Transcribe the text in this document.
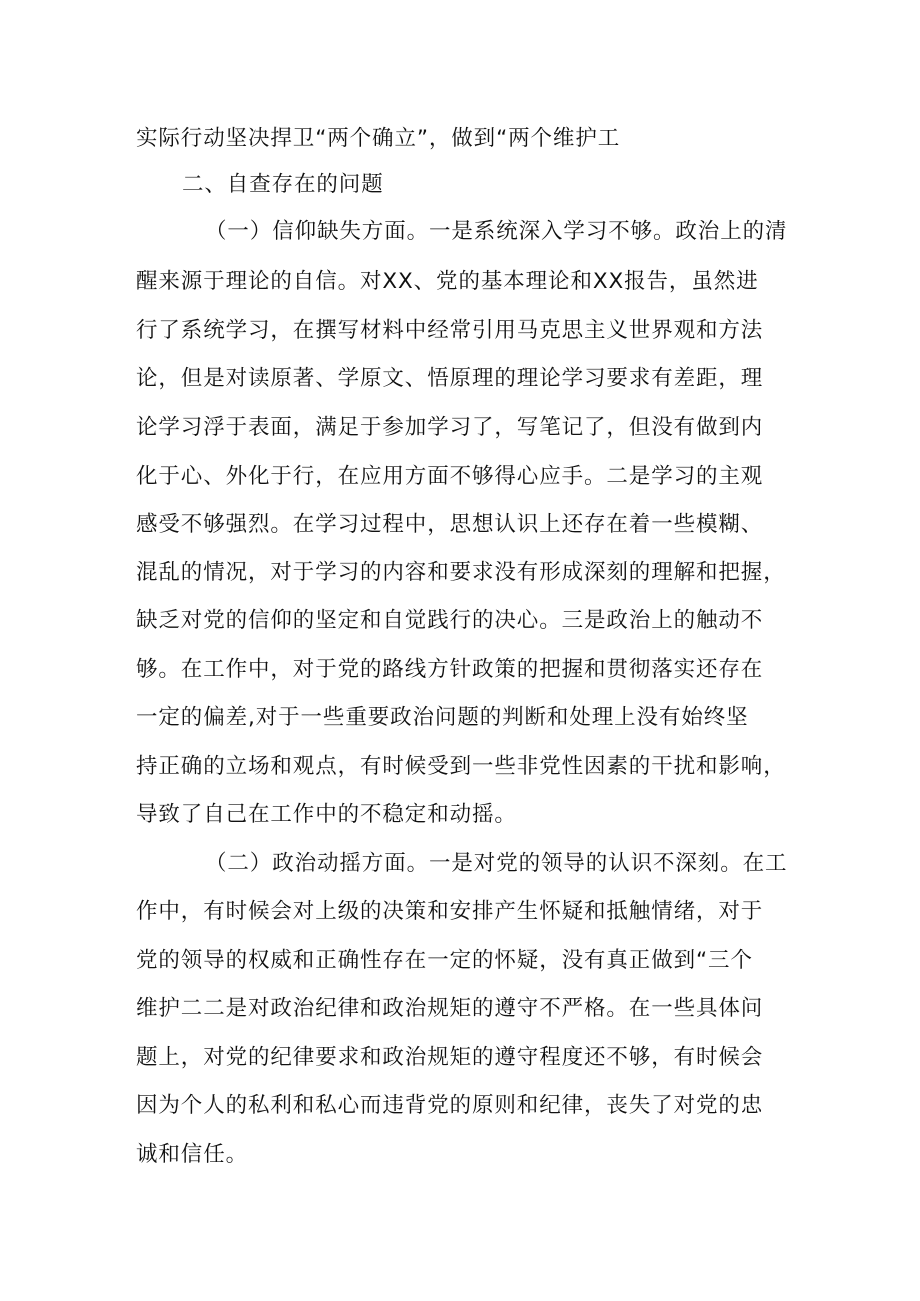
实际行动坚决捍卫“两个确立”，做到“两个维护工

二、自查存在的问题

（一）信仰缺失方面。一是系统深入学习不够。政治上的清

醒来源于理论的自信。对XX、党的基本理论和XX报告，虽然进

行了系统学习，在撰写材料中经常引用马克思主义世界观和方法

论，但是对读原著、学原文、悟原理的理论学习要求有差距，理

论学习浮于表面，满足于参加学习了，写笔记了，但没有做到内

化于心、外化于行，在应用方面不够得心应手。二是学习的主观

感受不够强烈。在学习过程中，思想认识上还存在着一些模糊、

混乱的情况，对于学习的内容和要求没有形成深刻的理解和把握，

缺乏对党的信仰的坚定和自觉践行的决心。三是政治上的触动不

够。在工作中，对于党的路线方针政策的把握和贯彻落实还存在

一定的偏差,对于一些重要政治问题的判断和处理上没有始终坚

持正确的立场和观点，有时候受到一些非党性因素的干扰和影响，

导致了自己在工作中的不稳定和动摇。

（二）政治动摇方面。一是对党的领导的认识不深刻。在工

作中，有时候会对上级的决策和安排产生怀疑和抵触情绪，对于

党的领导的权威和正确性存在一定的怀疑，没有真正做到“三个

维护二二是对政治纪律和政治规矩的遵守不严格。在一些具体问

题上，对党的纪律要求和政治规矩的遵守程度还不够，有时候会

因为个人的私利和私心而违背党的原则和纪律，丧失了对党的忠

诚和信任。
